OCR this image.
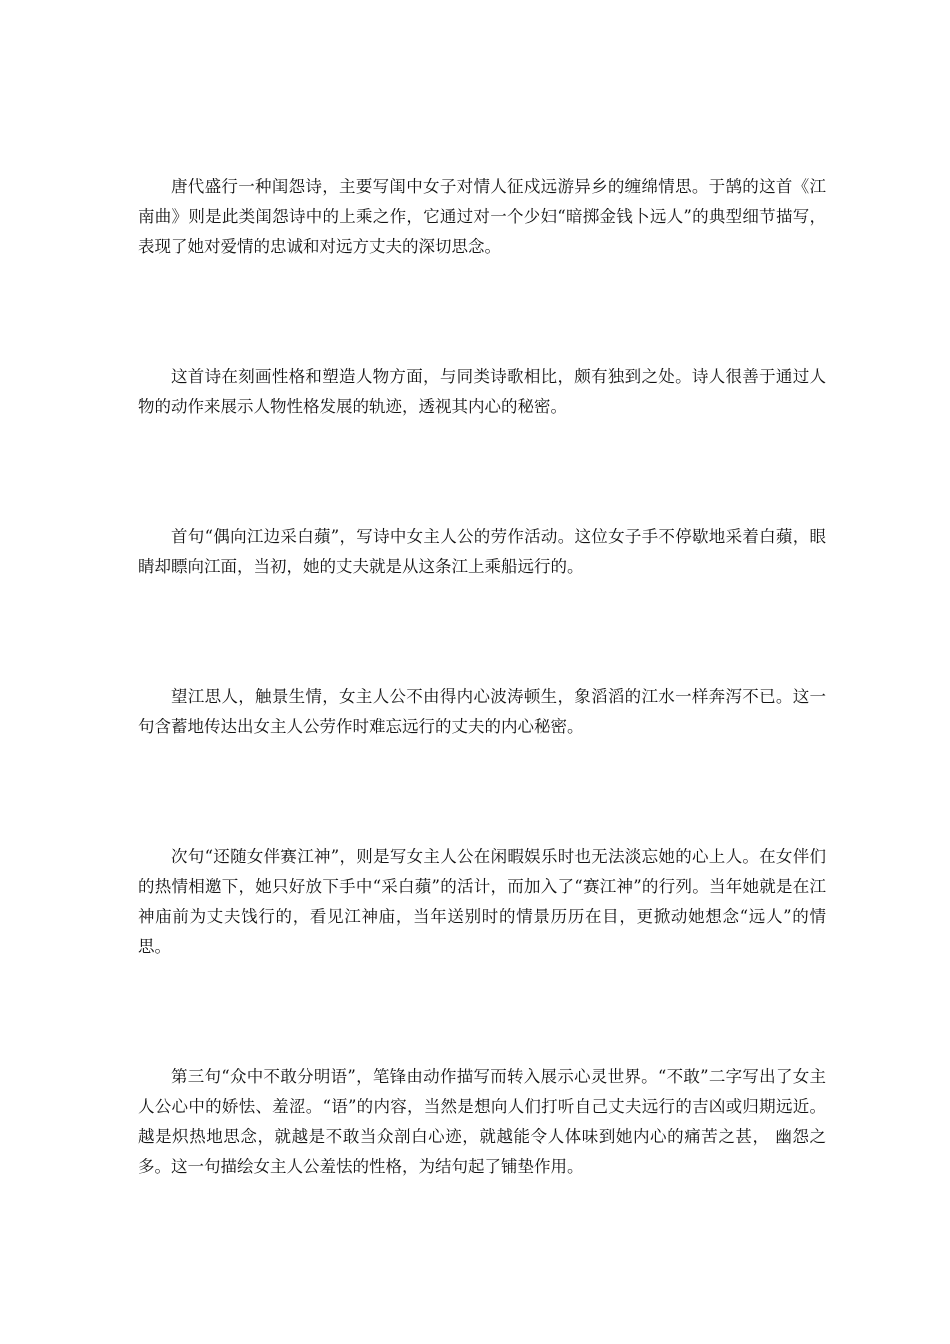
唐代盛行一种闺怨诗，主要写闺中女子对情人征戍远游异乡的缠绵情思。于鹄的这首《江南曲》则是此类闺怨诗中的上乘之作，它通过对一个少妇“暗掷金钱卜远人”的典型细节描写，表现了她对爱情的忠诚和对远方丈夫的深切思念。

这首诗在刻画性格和塑造人物方面，与同类诗歌相比，颇有独到之处。诗人很善于通过人物的动作来展示人物性格发展的轨迹，透视其内心的秘密。

首句“偶向江边采白蘋”，写诗中女主人公的劳作活动。这位女子手不停歇地采着白蘋，眼睛却瞟向江面，当初，她的丈夫就是从这条江上乘船远行的。

望江思人，触景生情，女主人公不由得内心波涛顿生，象滔滔的江水一样奔泻不已。这一句含蓄地传达出女主人公劳作时难忘远行的丈夫的内心秘密。

次句“还随女伴赛江神”，则是写女主人公在闲暇娱乐时也无法淡忘她的心上人。在女伴们的热情相邀下，她只好放下手中“采白蘋”的活计，而加入了“赛江神”的行列。当年她就是在江神庙前为丈夫饯行的，看见江神庙，当年送别时的情景历历在目，更掀动她想念“远人”的情思。

第三句“众中不敢分明语”，笔锋由动作描写而转入展示心灵世界。“不敢”二字写出了女主人公心中的娇怯、羞涩。“语”的内容，当然是想向人们打听自己丈夫远行的吉凶或归期远近。越是炽热地思念，就越是不敢当众剖白心迹，就越能令人体味到她内心的痛苦之甚， 幽怨之多。这一句描绘女主人公羞怯的性格，为结句起了铺垫作用。
